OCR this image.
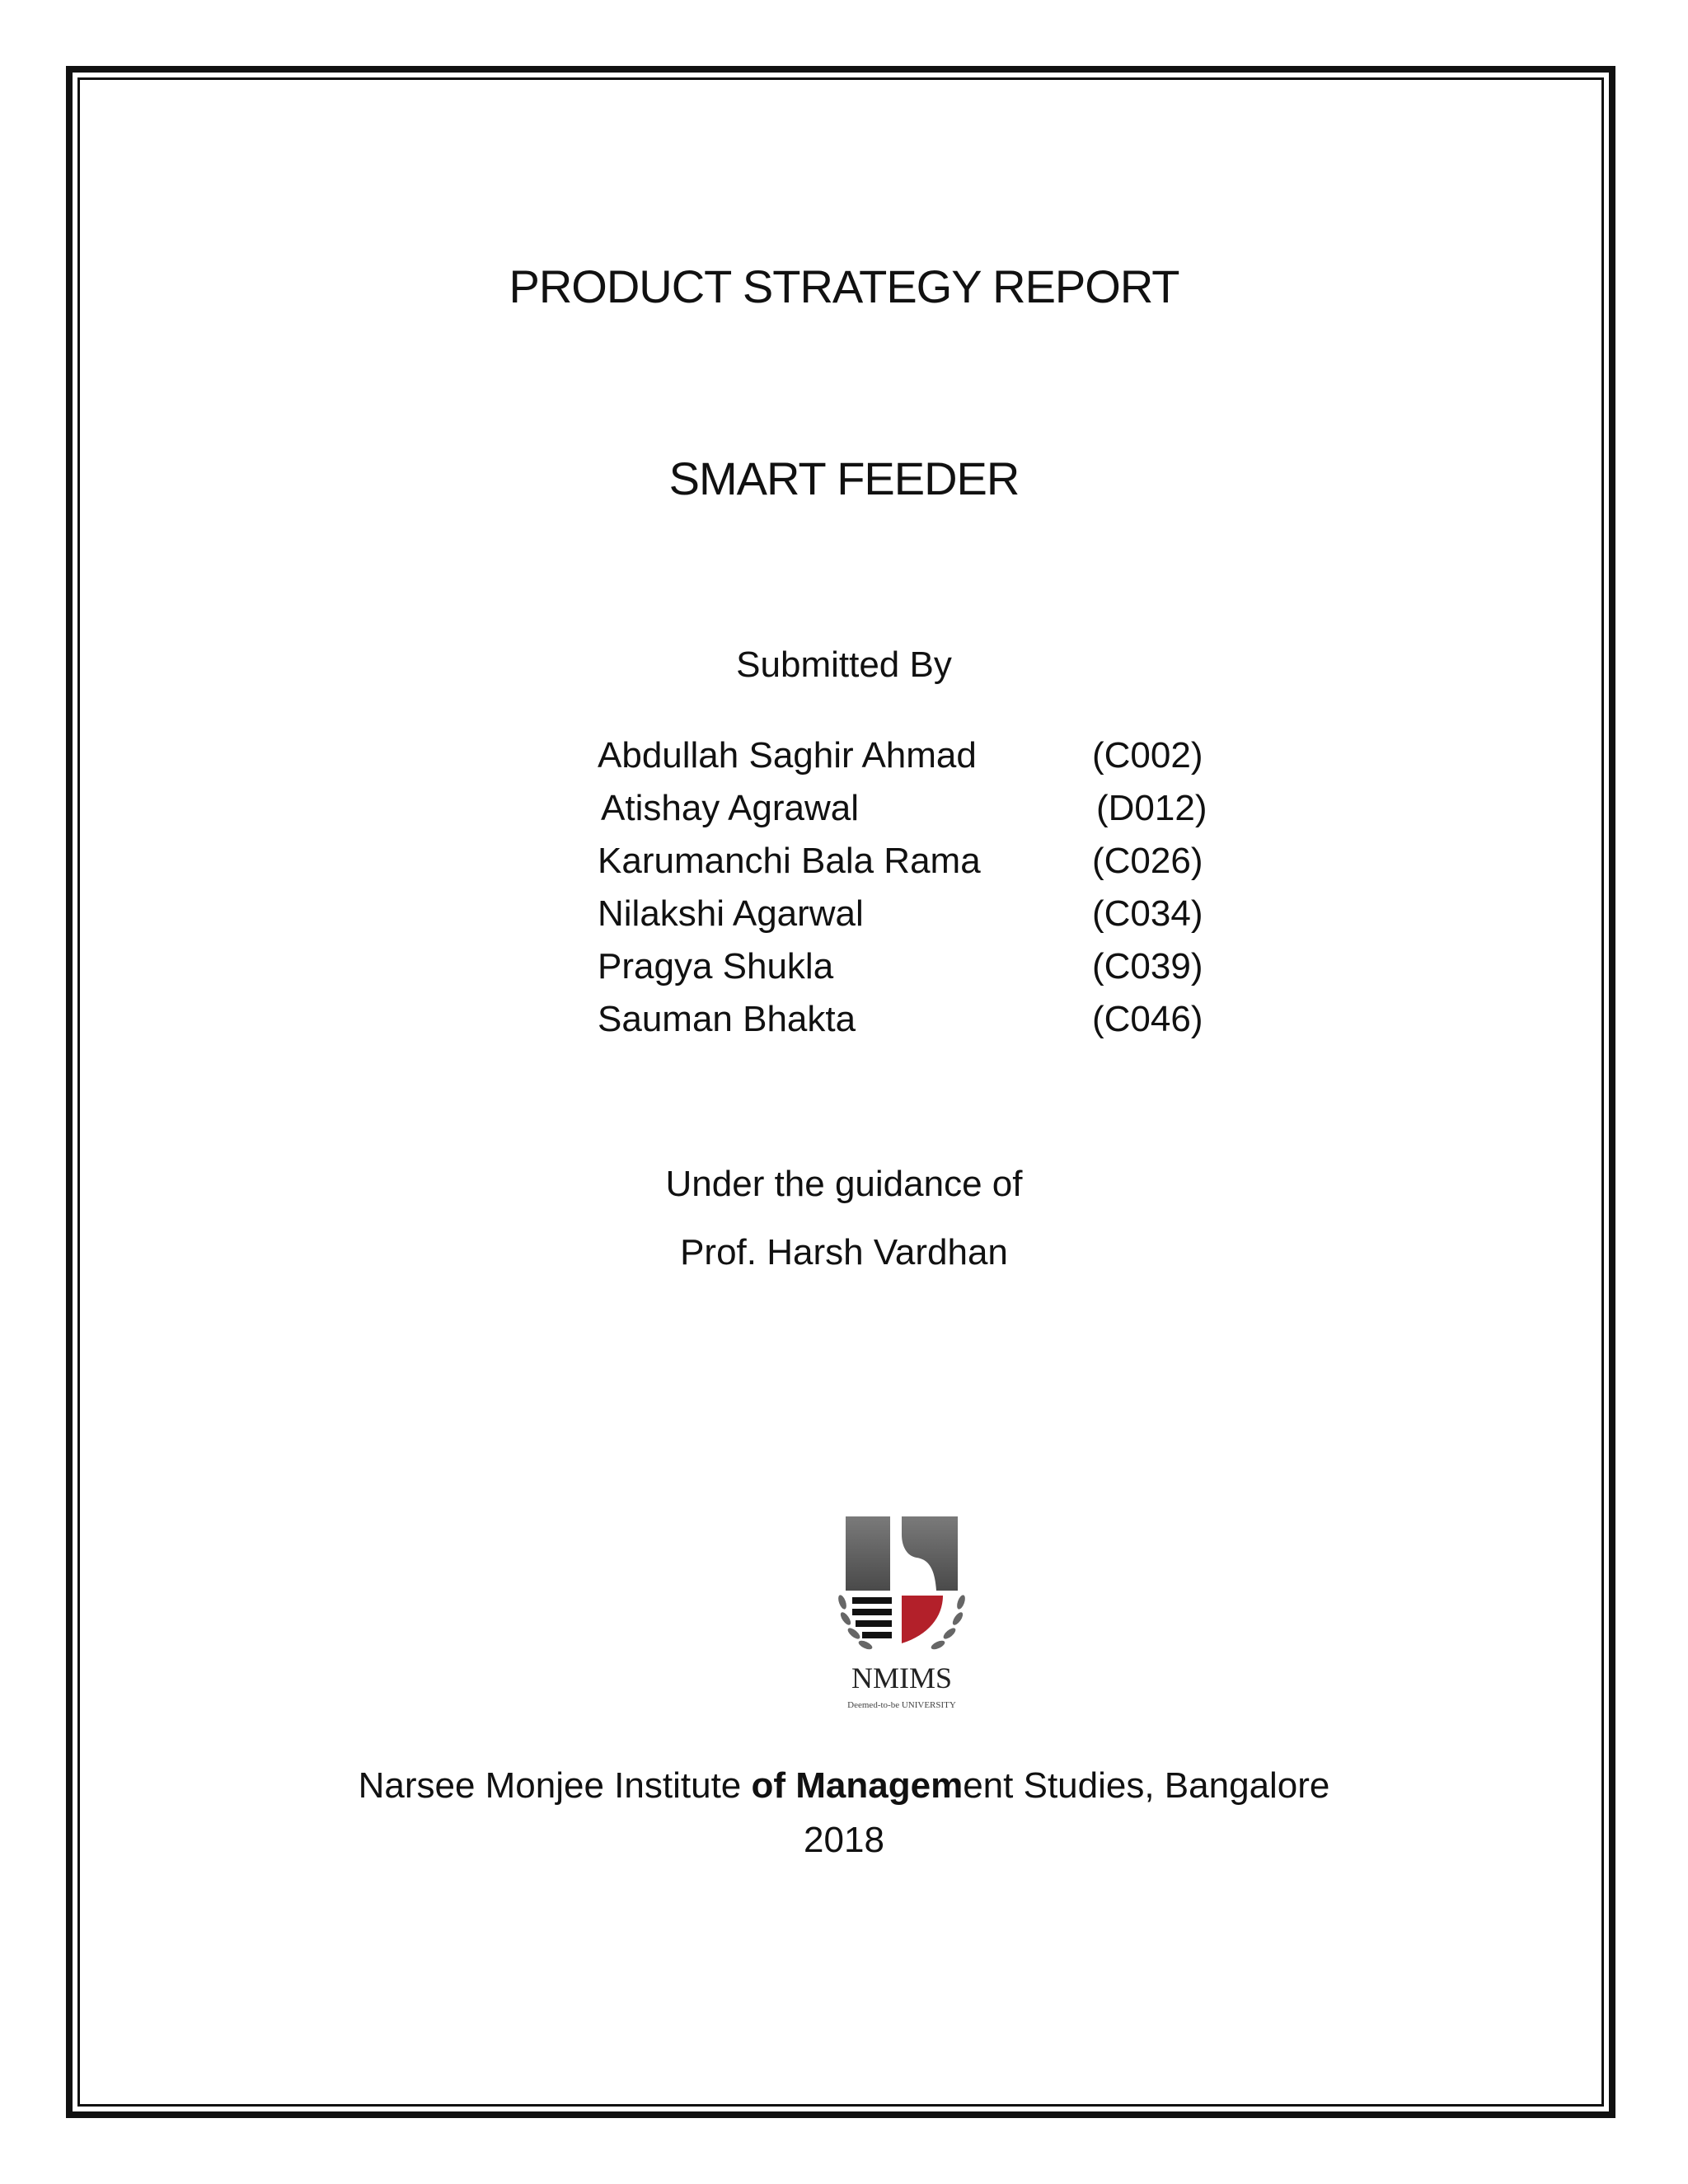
PRODUCT STRATEGY REPORT
SMART FEEDER
Submitted By
Abdullah Saghir Ahmad	(C002)
Atishay Agrawal	(D012)
Karumanchi Bala Rama	(C026)
Nilakshi Agarwal	(C034)
Pragya Shukla	(C039)
Sauman Bhakta	(C046)
Under the guidance of
Prof. Harsh Vardhan
NMIMS
Deemed-to-be UNIVERSITY
Narsee Monjee Institute of Management Studies, Bangalore
2018
